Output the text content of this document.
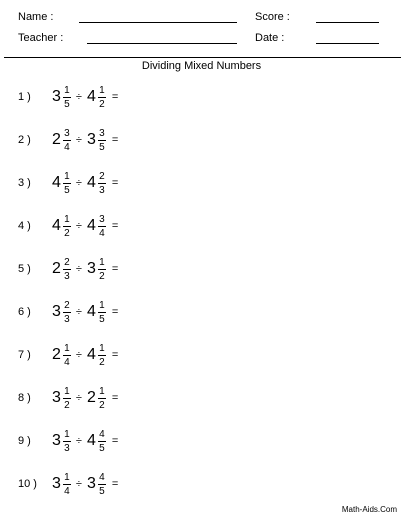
Name :	Score :
Teacher :	Date :
Dividing Mixed Numbers
1 ) $3 \frac{1}{5} \div 4 \frac{1}{2}$ =
2 ) $2 \frac{3}{4} \div 3 \frac{3}{5}$ =
3 ) $4 \frac{1}{5} \div 4 \frac{2}{3}$ =
4 ) $4 \frac{1}{2} \div 4 \frac{3}{4}$ =
5 ) $2 \frac{2}{3} \div 3 \frac{1}{2}$ =
6 ) $3 \frac{2}{3} \div 4 \frac{1}{5}$ =
7 ) $2 \frac{1}{4} \div 4 \frac{1}{2}$ =
8 ) $3 \frac{1}{2} \div 2 \frac{1}{2}$ =
9 ) $3 \frac{1}{3} \div 4 \frac{4}{5}$ =
10 ) $3 \frac{1}{4} \div 3 \frac{4}{5}$ =
Math-Aids.Com
